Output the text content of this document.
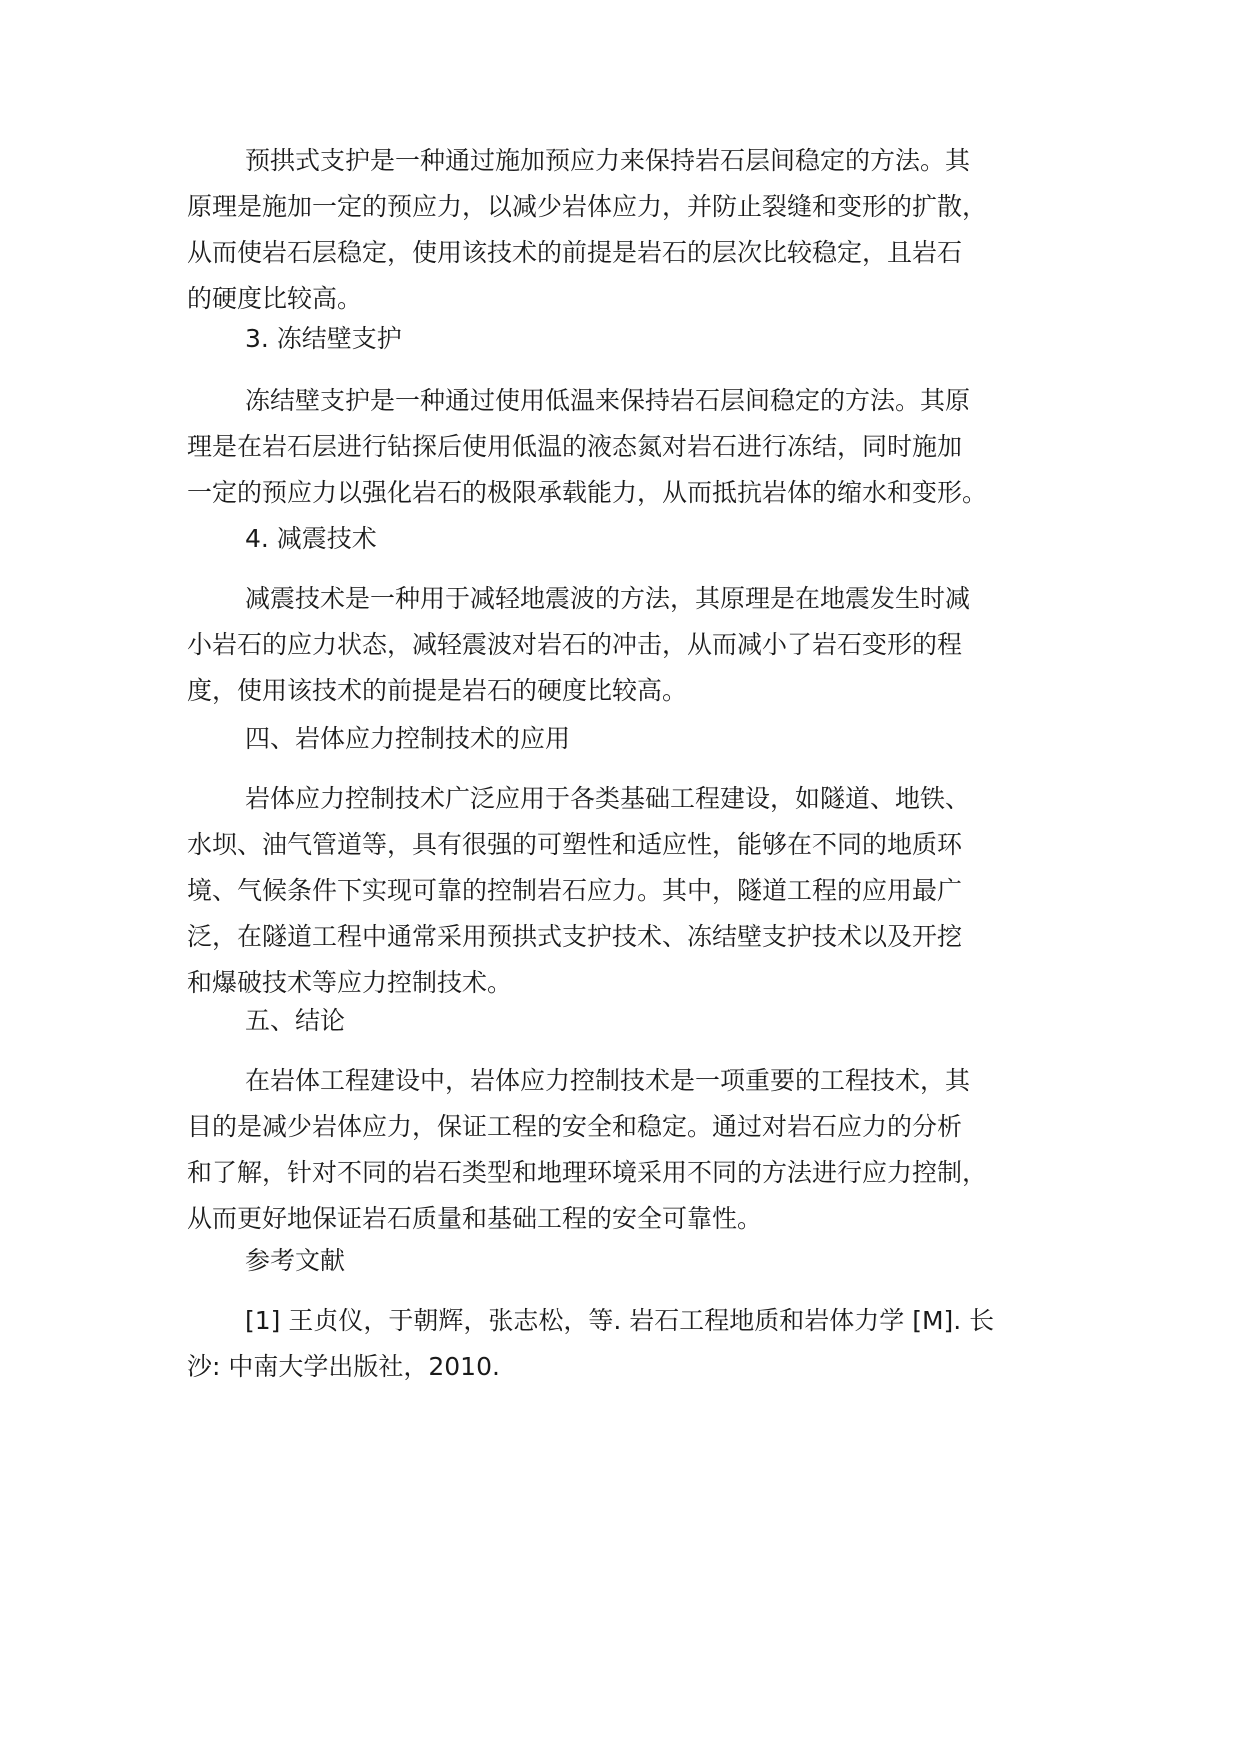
预拱式支护是一种通过施加预应力来保持岩石层间稳定的方法。其
原理是施加一定的预应力，以减少岩体应力，并防止裂缝和变形的扩散，
从而使岩石层稳定，使用该技术的前提是岩石的层次比较稳定，且岩石
的硬度比较高。
3. 冻结壁支护
冻结壁支护是一种通过使用低温来保持岩石层间稳定的方法。其原
理是在岩石层进行钻探后使用低温的液态氮对岩石进行冻结，同时施加
一定的预应力以强化岩石的极限承载能力，从而抵抗岩体的缩水和变形。
4. 减震技术
减震技术是一种用于减轻地震波的方法，其原理是在地震发生时减
小岩石的应力状态，减轻震波对岩石的冲击，从而减小了岩石变形的程
度，使用该技术的前提是岩石的硬度比较高。
四、岩体应力控制技术的应用
岩体应力控制技术广泛应用于各类基础工程建设，如隧道、地铁、
水坝、油气管道等，具有很强的可塑性和适应性，能够在不同的地质环
境、气候条件下实现可靠的控制岩石应力。其中，隧道工程的应用最广
泛，在隧道工程中通常采用预拱式支护技术、冻结壁支护技术以及开挖
和爆破技术等应力控制技术。
五、结论
在岩体工程建设中，岩体应力控制技术是一项重要的工程技术，其
目的是减少岩体应力，保证工程的安全和稳定。通过对岩石应力的分析
和了解，针对不同的岩石类型和地理环境采用不同的方法进行应力控制，
从而更好地保证岩石质量和基础工程的安全可靠性。
参考文献
[1] 王贞仪，于朝辉，张志松，等. 岩石工程地质和岩体力学 [M]. 长
沙: 中南大学出版社，2010.
